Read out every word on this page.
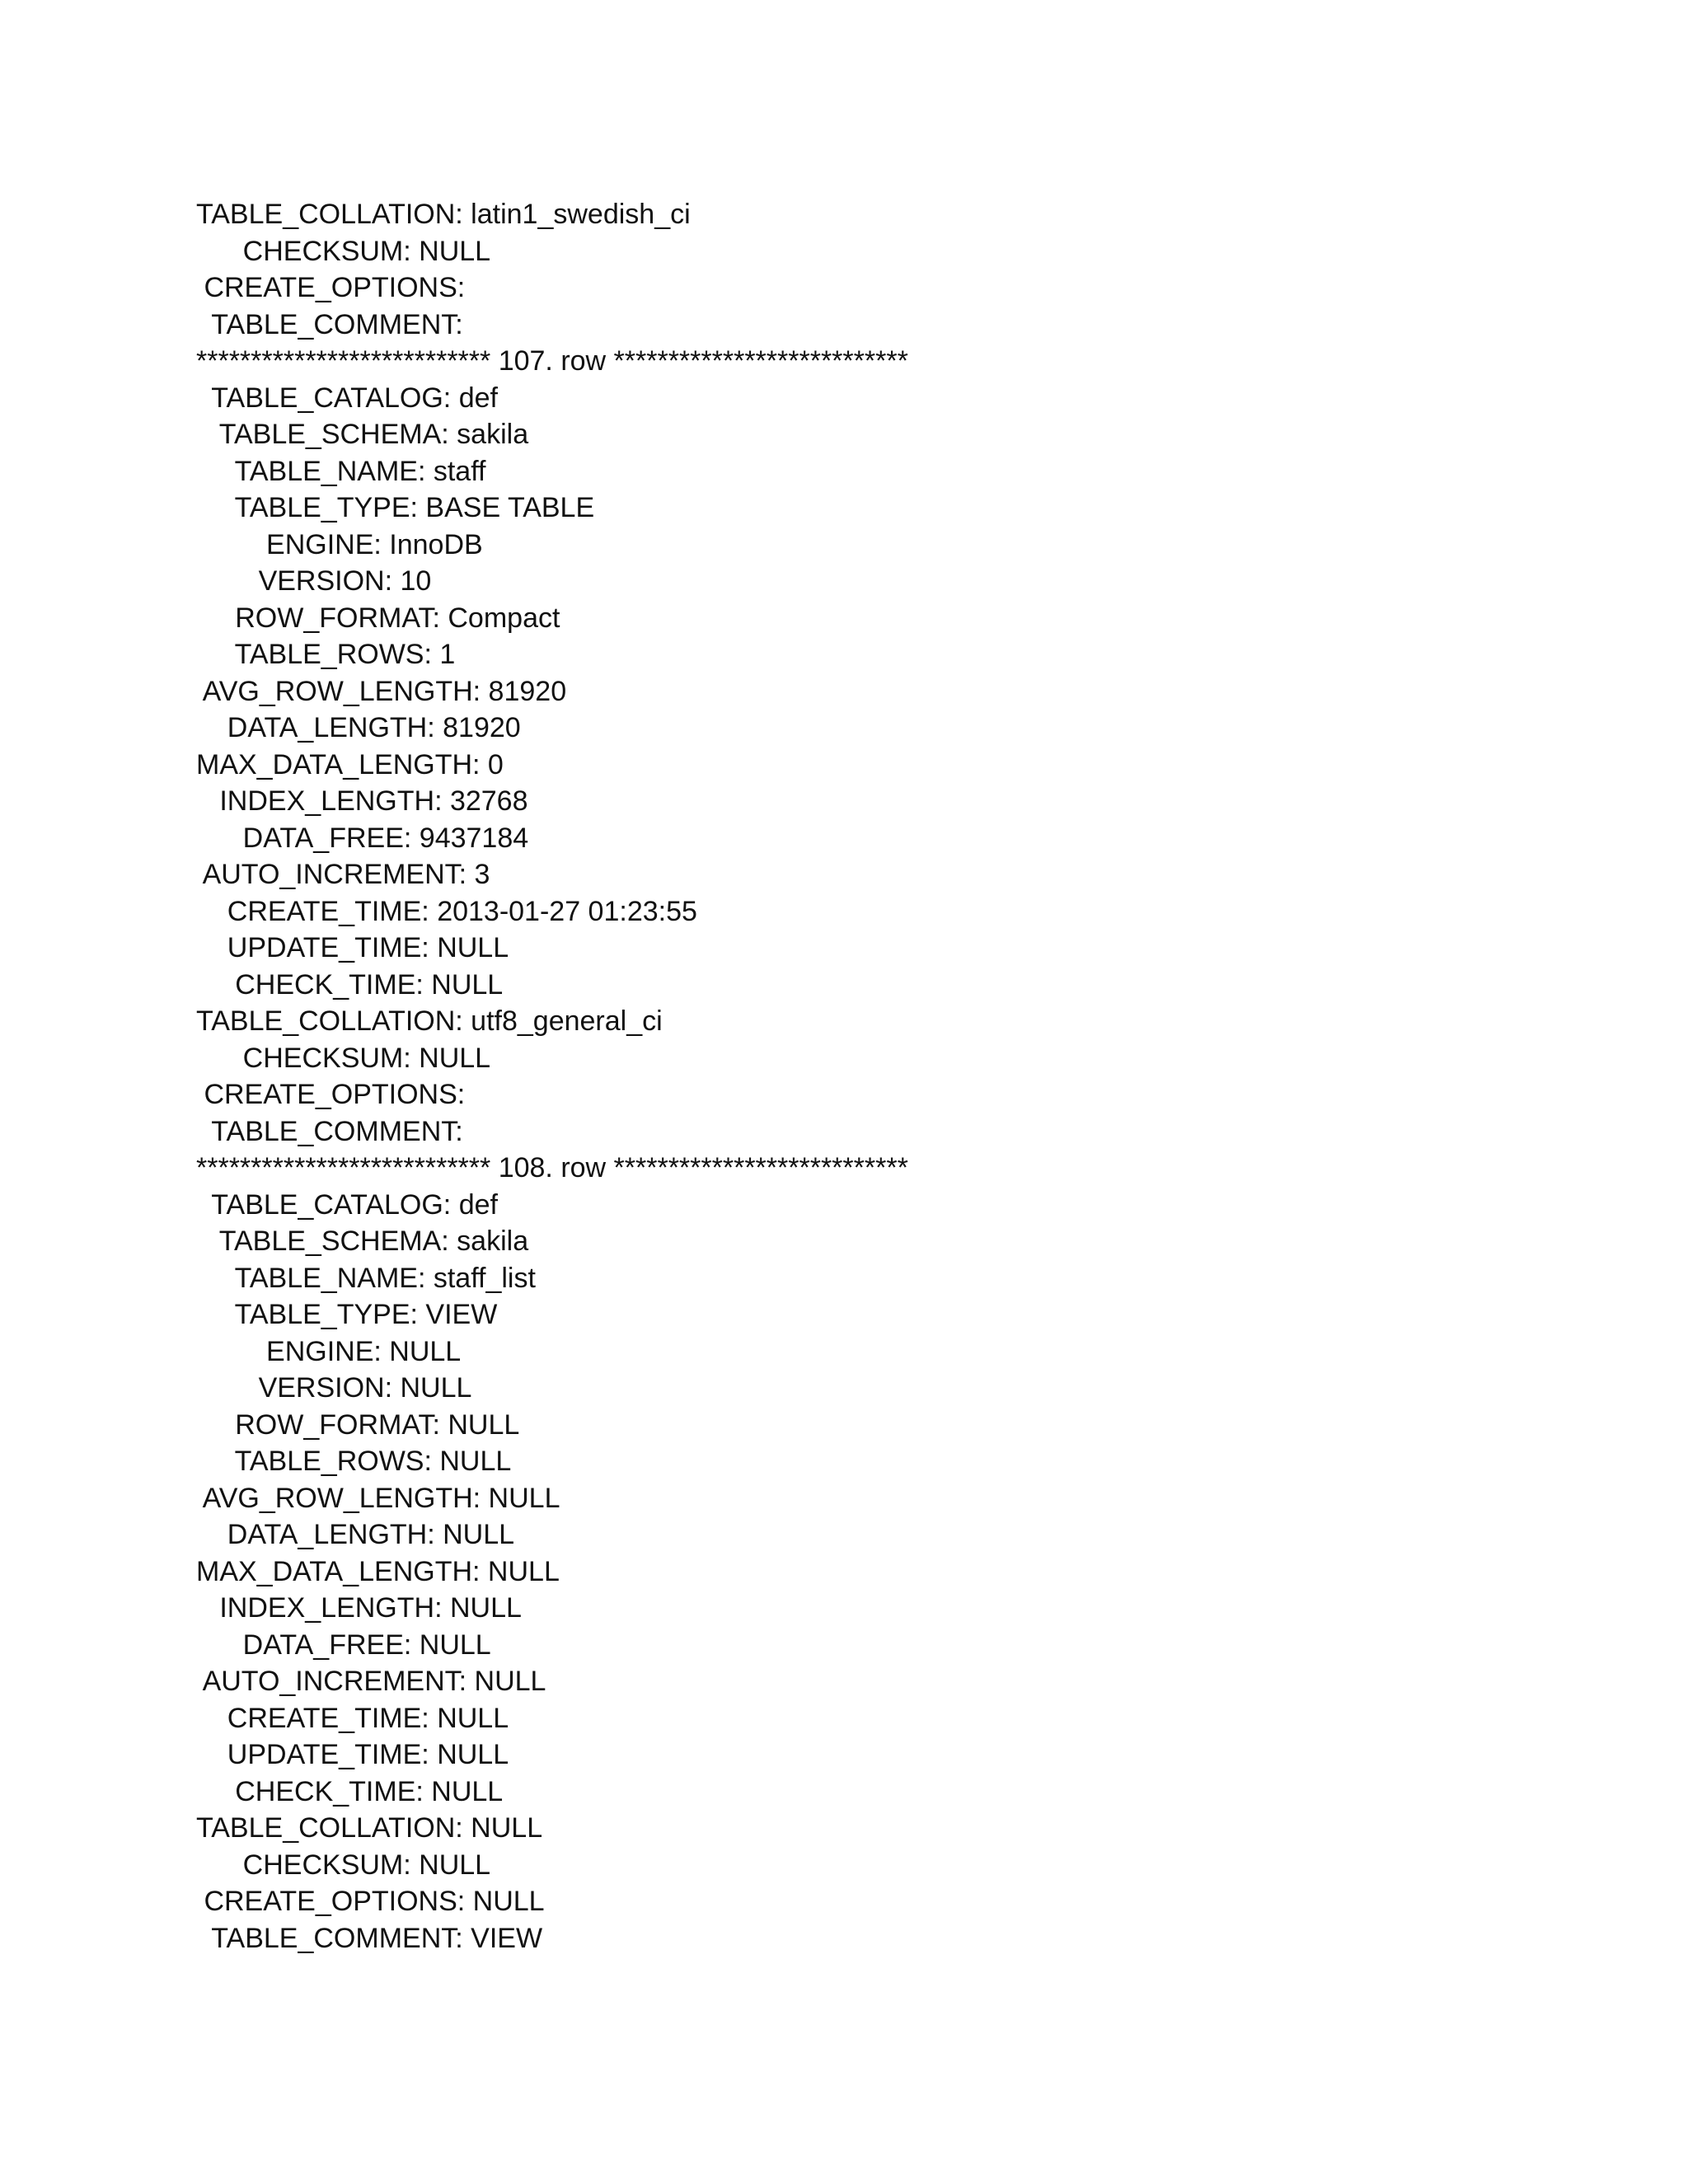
TABLE_COLLATION: latin1_swedish_ci
CHECKSUM: NULL
CREATE_OPTIONS:
TABLE_COMMENT:
*************************** 107. row ***************************
TABLE_CATALOG: def
TABLE_SCHEMA: sakila
TABLE_NAME: staff
TABLE_TYPE: BASE TABLE
ENGINE: InnoDB
VERSION: 10
ROW_FORMAT: Compact
TABLE_ROWS: 1
AVG_ROW_LENGTH: 81920
DATA_LENGTH: 81920
MAX_DATA_LENGTH: 0
INDEX_LENGTH: 32768
DATA_FREE: 9437184
AUTO_INCREMENT: 3
CREATE_TIME: 2013-01-27 01:23:55
UPDATE_TIME: NULL
CHECK_TIME: NULL
TABLE_COLLATION: utf8_general_ci
CHECKSUM: NULL
CREATE_OPTIONS:
TABLE_COMMENT:
*************************** 108. row ***************************
TABLE_CATALOG: def
TABLE_SCHEMA: sakila
TABLE_NAME: staff_list
TABLE_TYPE: VIEW
ENGINE: NULL
VERSION: NULL
ROW_FORMAT: NULL
TABLE_ROWS: NULL
AVG_ROW_LENGTH: NULL
DATA_LENGTH: NULL
MAX_DATA_LENGTH: NULL
INDEX_LENGTH: NULL
DATA_FREE: NULL
AUTO_INCREMENT: NULL
CREATE_TIME: NULL
UPDATE_TIME: NULL
CHECK_TIME: NULL
TABLE_COLLATION: NULL
CHECKSUM: NULL
CREATE_OPTIONS: NULL
TABLE_COMMENT: VIEW
